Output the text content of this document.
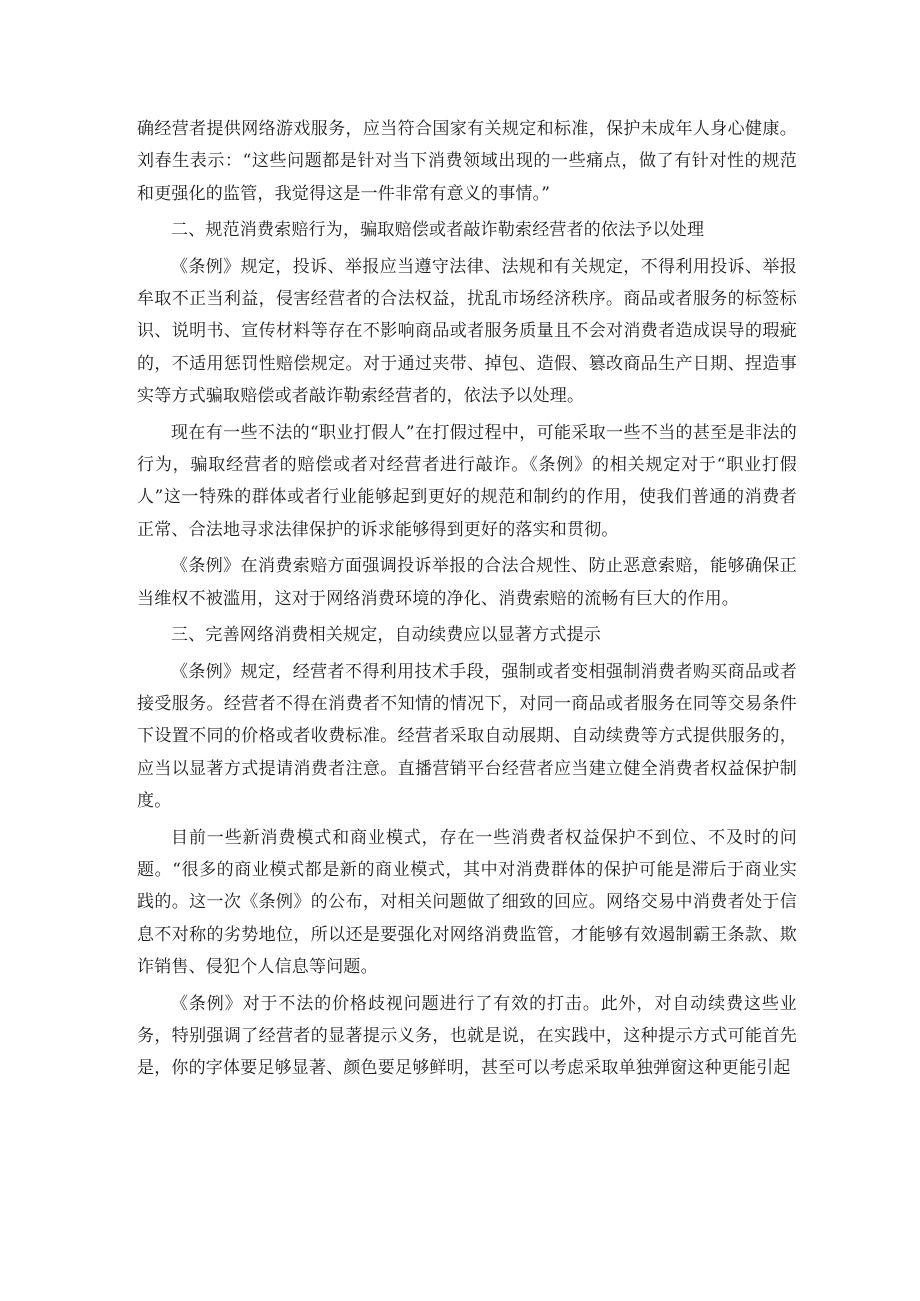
确经营者提供网络游戏服务，应当符合国家有关规定和标准，保护未成年人身心健康。刘春生表示：“这些问题都是针对当下消费领域出现的一些痛点，做了有针对性的规范和更强化的监管，我觉得这是一件非常有意义的事情。”

二、规范消费索赔行为，骗取赔偿或者敲诈勒索经营者的依法予以处理

《条例》规定，投诉、举报应当遵守法律、法规和有关规定，不得利用投诉、举报牟取不正当利益，侵害经营者的合法权益，扰乱市场经济秩序。商品或者服务的标签标识、说明书、宣传材料等存在不影响商品或者服务质量且不会对消费者造成误导的瑕疵的，不适用惩罚性赔偿规定。对于通过夹带、掉包、造假、篡改商品生产日期、捏造事实等方式骗取赔偿或者敲诈勒索经营者的，依法予以处理。

现在有一些不法的“职业打假人”在打假过程中，可能采取一些不当的甚至是非法的行为，骗取经营者的赔偿或者对经营者进行敲诈。《条例》的相关规定对于“职业打假人”这一特殊的群体或者行业能够起到更好的规范和制约的作用，使我们普通的消费者正常、合法地寻求法律保护的诉求能够得到更好的落实和贯彻。

《条例》在消费索赔方面强调投诉举报的合法合规性、防止恶意索赔，能够确保正当维权不被滥用，这对于网络消费环境的净化、消费索赔的流畅有巨大的作用。

三、完善网络消费相关规定，自动续费应以显著方式提示

《条例》规定，经营者不得利用技术手段，强制或者变相强制消费者购买商品或者接受服务。经营者不得在消费者不知情的情况下，对同一商品或者服务在同等交易条件下设置不同的价格或者收费标准。经营者采取自动展期、自动续费等方式提供服务的，应当以显著方式提请消费者注意。直播营销平台经营者应当建立健全消费者权益保护制度。

目前一些新消费模式和商业模式，存在一些消费者权益保护不到位、不及时的问题。“很多的商业模式都是新的商业模式，其中对消费群体的保护可能是滞后于商业实践的。这一次《条例》的公布，对相关问题做了细致的回应。网络交易中消费者处于信息不对称的劣势地位，所以还是要强化对网络消费监管，才能够有效遏制霸王条款、欺诈销售、侵犯个人信息等问题。

《条例》对于不法的价格歧视问题进行了有效的打击。此外，对自动续费这些业务，特别强调了经营者的显著提示义务，也就是说，在实践中，这种提示方式可能首先是，你的字体要足够显著、颜色要足够鲜明，甚至可以考虑采取单独弹窗这种更能引起
